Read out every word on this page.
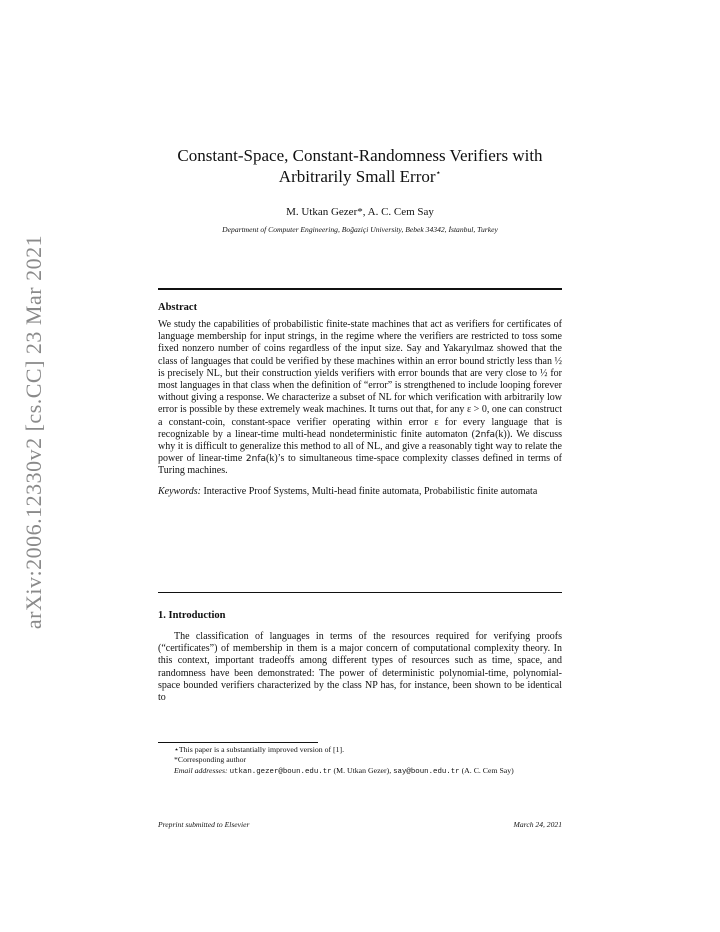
arXiv:2006.12330v2 [cs.CC] 23 Mar 2021
Constant-Space, Constant-Randomness Verifiers with
Arbitrarily Small Error⋆
M. Utkan Gezer*, A. C. Cem Say
Department of Computer Engineering, Boğaziçi University, Bebek 34342, İstanbul, Turkey
Abstract

We study the capabilities of probabilistic finite-state machines that act as verifiers for certificates of language membership for input strings, in the regime where the verifiers are restricted to toss some fixed nonzero number of coins regardless of the input size. Say and Yakaryılmaz showed that the class of languages that could be verified by these machines within an error bound strictly less than ½ is precisely NL, but their construction yields verifiers with error bounds that are very close to ½ for most languages in that class when the definition of “error” is strengthened to include looping forever without giving a response. We characterize a subset of NL for which verification with arbitrarily low error is possible by these extremely weak machines. It turns out that, for any ε > 0, one can construct a constant-coin, constant-space verifier operating within error ε for every language that is recognizable by a linear-time multi-head nondeterministic finite automaton (2nfa(k)). We discuss why it is difficult to generalize this method to all of NL, and give a reasonably tight way to relate the power of linear-time 2nfa(k)’s to simultaneous time-space complexity classes defined in terms of Turing machines.

Keywords: Interactive Proof Systems, Multi-head finite automata, Probabilistic finite automata
1. Introduction

The classification of languages in terms of the resources required for verifying proofs (“certificates”) of membership in them is a major concern of computational complexity theory. In this context, important tradeoffs among different types of resources such as time, space, and randomness have been demonstrated: The power of deterministic polynomial-time, polynomial-space bounded verifiers characterized by the class NP has, for instance, been shown to be identical to

⋆This paper is a substantially improved version of [1].
*Corresponding author
Email addresses: utkan.gezer@boun.edu.tr (M. Utkan Gezer), say@boun.edu.tr (A. C. Cem Say)
Preprint submitted to Elsevier	March 24, 2021
